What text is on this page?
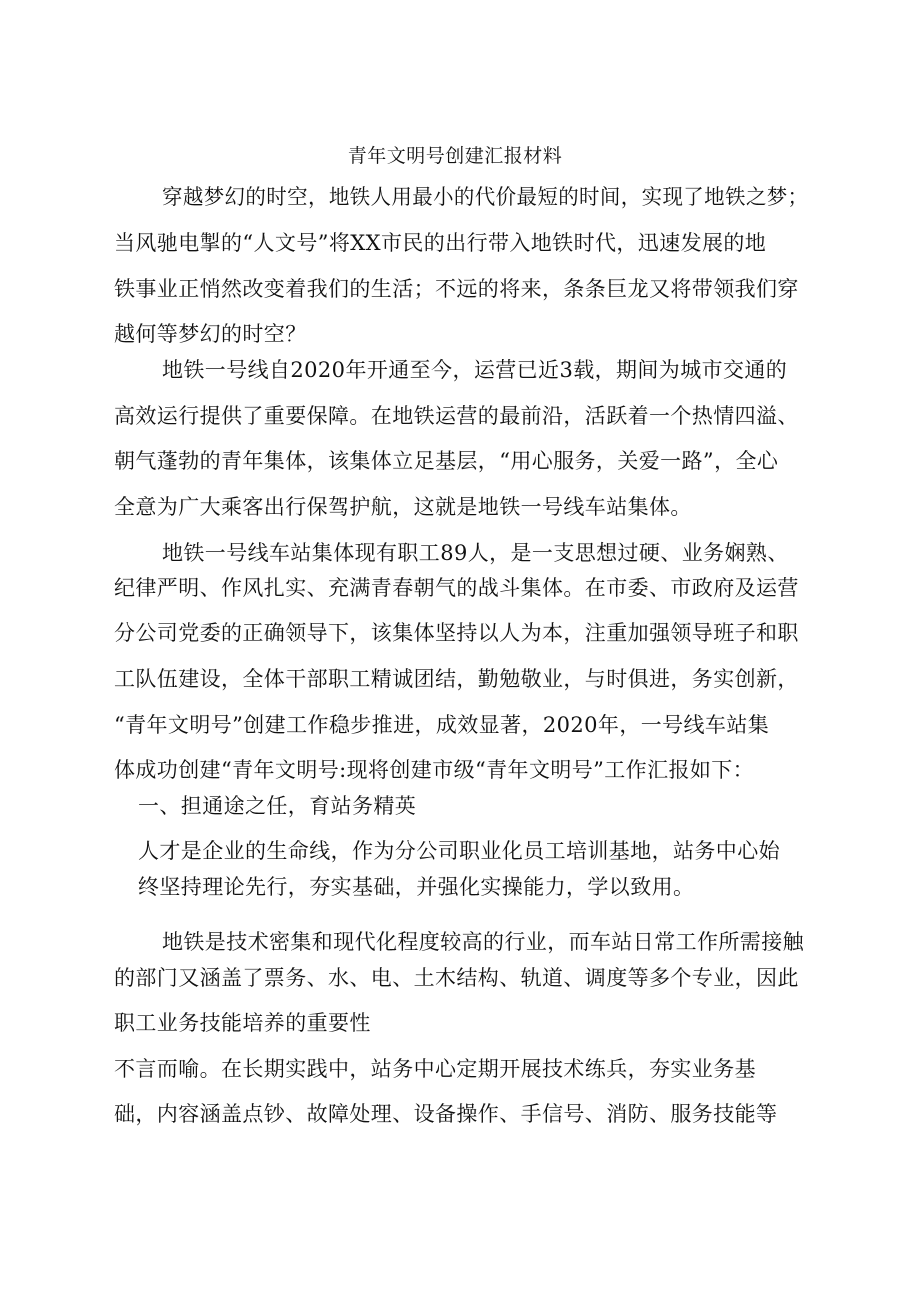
青年文明号创建汇报材料
穿越梦幻的时空，地铁人用最小的代价最短的时间，实现了地铁之梦；
当风驰电掣的“人文号”将XX市民的出行带入地铁时代，迅速发展的地
铁事业正悄然改变着我们的生活；不远的将来，条条巨龙又将带领我们穿
越何等梦幻的时空？
地铁一号线自2020年开通至今，运营已近3载，期间为城市交通的
高效运行提供了重要保障。在地铁运营的最前沿，活跃着一个热情四溢、
朝气蓬勃的青年集体，该集体立足基层，“用心服务，关爱一路”，全心
全意为广大乘客出行保驾护航，这就是地铁一号线车站集体。
地铁一号线车站集体现有职工89人，是一支思想过硬、业务娴熟、
纪律严明、作风扎实、充满青春朝气的战斗集体。在市委、市政府及运营
分公司党委的正确领导下，该集体坚持以人为本，注重加强领导班子和职
工队伍建设，全体干部职工精诚团结，勤勉敬业，与时俱进，务实创新，
“青年文明号”创建工作稳步推进，成效显著，2020年，一号线车站集
体成功创建“青年文明号:现将创建市级“青年文明号”工作汇报如下：
一、担通途之任，育站务精英
人才是企业的生命线，作为分公司职业化员工培训基地，站务中心始
终坚持理论先行，夯实基础，并强化实操能力，学以致用。
地铁是技术密集和现代化程度较高的行业，而车站日常工作所需接触
的部门又涵盖了票务、水、电、土木结构、轨道、调度等多个专业，因此
职工业务技能培养的重要性
不言而喻。在长期实践中，站务中心定期开展技术练兵，夯实业务基
础，内容涵盖点钞、故障处理、设备操作、手信号、消防、服务技能等
